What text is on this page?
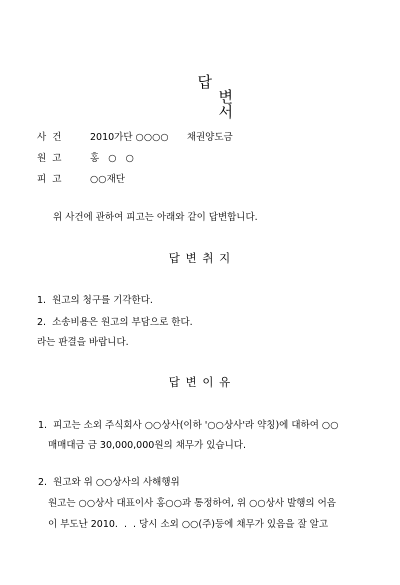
답
변
서

사  건	2010가단 ○○○○      채권양도금
원  고	홍   ○   ○
피  고	○○재단
위 사건에 관하여 피고는 아래와 같이 답변합니다.
답 변 취 지
1.  원고의 청구를 기각한다.
2.  소송비용은 원고의 부담으로 한다.
라는 판결을 바랍니다.
답 변 이 유
1.  피고는 소외 주식회사 ○○상사(이하 '○○상사'라 약칭)에 대하여 ○○
매매대금 금 30,000,000원의 채무가 있습니다.
2.  원고와 위 ○○상사의 사해행위
원고는 ○○상사 대표이사 홍○○과 통정하여, 위 ○○상사 발행의 어음
이 부도난 2010.  .  . 당시 소외 ○○(주)등에 채무가 있음을 잘 알고
